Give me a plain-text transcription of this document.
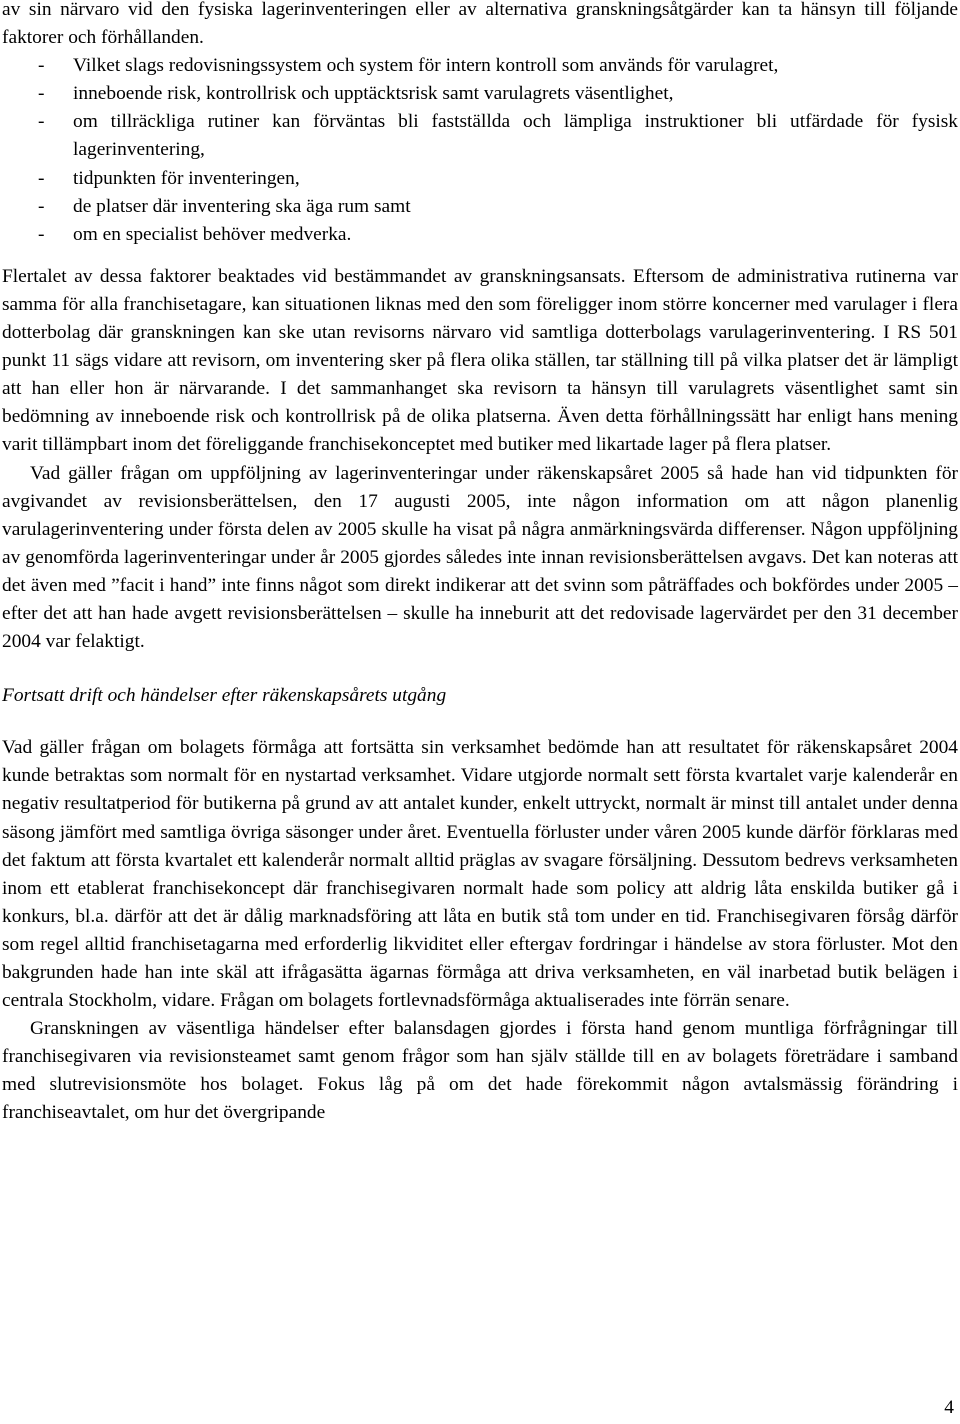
av sin närvaro vid den fysiska lagerinventeringen eller av alternativa granskningsåtgärder kan ta hänsyn till följande faktorer och förhållanden.

- Vilket slags redovisningssystem och system för intern kontroll som används för varulagret,
- inneboende risk, kontrollrisk och upptäcktsrisk samt varulagrets väsentlighet,
- om tillräckliga rutiner kan förväntas bli fastställda och lämpliga instruktioner bli utfärdade för fysisk lagerinventering,
- tidpunkten för inventeringen,
- de platser där inventering ska äga rum samt
- om en specialist behöver medverka.

Flertalet av dessa faktorer beaktades vid bestämmandet av granskningsansats. Eftersom de administrativa rutinerna var samma för alla franchisetagare, kan situationen liknas med den som föreligger inom större koncerner med varulager i flera dotterbolag där granskningen kan ske utan revisorns närvaro vid samtliga dotterbolags varulagerinventering. I RS 501 punkt 11 sägs vidare att revisorn, om inventering sker på flera olika ställen, tar ställning till på vilka platser det är lämpligt att han eller hon är närvarande. I det sammanhanget ska revisorn ta hänsyn till varulagrets väsentlighet samt sin bedömning av inneboende risk och kontrollrisk på de olika platserna. Även detta förhållningssätt har enligt hans mening varit tillämpbart inom det föreliggande franchisekonceptet med butiker med likartade lager på flera platser.

Vad gäller frågan om uppföljning av lagerinventeringar under räkenskapsåret 2005 så hade han vid tidpunkten för avgivandet av revisionsberättelsen, den 17 augusti 2005, inte någon information om att någon planenlig varulagerinventering under första delen av 2005 skulle ha visat på några anmärkningsvärda differenser. Någon uppföljning av genomförda lagerinventeringar under år 2005 gjordes således inte innan revisionsberättelsen avgavs. Det kan noteras att det även med ”facit i hand” inte finns något som direkt indikerar att det svinn som påträffades och bokfördes under 2005 – efter det att han hade avgett revisionsberättelsen – skulle ha inneburit att det redovisade lagervärdet per den 31 december 2004 var felaktigt.

Fortsatt drift och händelser efter räkenskapsårets utgång

Vad gäller frågan om bolagets förmåga att fortsätta sin verksamhet bedömde han att resultatet för räkenskapsåret 2004 kunde betraktas som normalt för en nystartad verksamhet. Vidare utgjorde normalt sett första kvartalet varje kalenderår en negativ resultatperiod för butikerna på grund av att antalet kunder, enkelt uttryckt, normalt är minst till antalet under denna säsong jämfört med samtliga övriga säsonger under året. Eventuella förluster under våren 2005 kunde därför förklaras med det faktum att första kvartalet ett kalenderår normalt alltid präglas av svagare försäljning. Dessutom bedrevs verksamheten inom ett etablerat franchisekoncept där franchisegivaren normalt hade som policy att aldrig låta enskilda butiker gå i konkurs, bl.a. därför att det är dålig marknadsföring att låta en butik stå tom under en tid. Franchisegivaren försåg därför som regel alltid franchisetagarna med erforderlig likviditet eller eftergav fordringar i händelse av stora förluster. Mot den bakgrunden hade han inte skäl att ifrågasätta ägarnas förmåga att driva verksamheten, en väl inarbetad butik belägen i centrala Stockholm, vidare. Frågan om bolagets fortlevnadsförmåga aktualiserades inte förrän senare.

Granskningen av väsentliga händelser efter balansdagen gjordes i första hand genom muntliga förfrågningar till franchisegivaren via revisionsteamet samt genom frågor som han själv ställde till en av bolagets företrädare i samband med slutrevisionsmöte hos bolaget. Fokus låg på om det hade förekommit någon avtalsmässig förändring i franchiseavtalet, om hur det övergripande

4
